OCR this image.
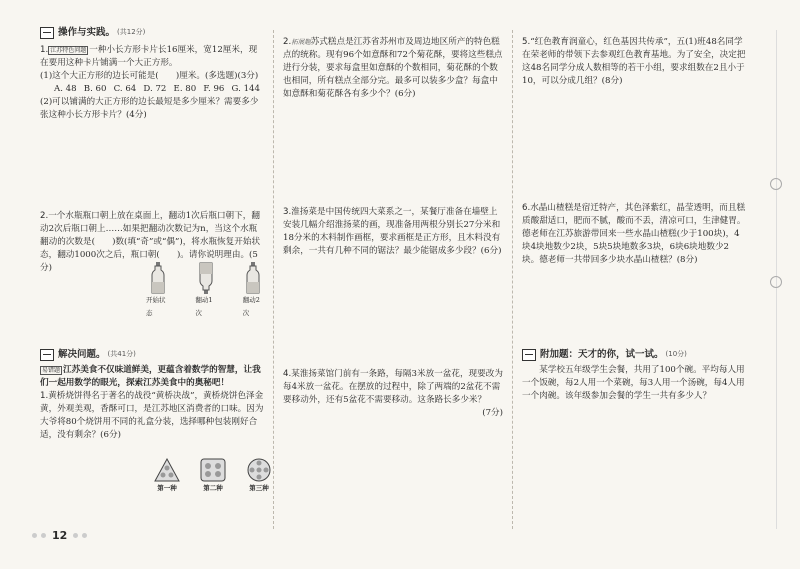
操作与实践。 (共12分)

1. 江苏特色问题 一种小长方形卡片长16厘米，宽12厘米，现在要用这种卡片铺满一个大正方形。

(1)这个大正方形的边长可能是(　　)厘米。(多选题)(3分)

A. 48 B. 60 C. 64 D. 72 E. 80 F. 96 G. 144

(2)可以铺满的大正方形的边长最短是多少厘米？需要多少张这种小长方形卡片？(4分)

2.一个水瓶瓶口朝上放在桌面上，翻动1次后瓶口朝下，翻动2次后瓶口朝上……如果把翻动次数记为n，当这个水瓶翻动的次数是(　　)数(填“奇”或“偶”)，将水瓶恢复开始状态，翻动1000次之后，瓶口朝(　　)。请你说明理由。(5分)

开始状态
翻动1次
翻动2次
解决问题。 (共41分)

易错题 江苏美食不仅味道鲜美，更蕴含着数学的智慧，让我们一起用数学的眼光，探索江苏美食中的奥秘吧！

1.黄桥烧饼得名于著名的战役“黄桥决战”，黄桥烧饼色泽金黄，外观美观，香酥可口，是江苏地区消费者的口味。因为大爷将80个烧饼用不同的礼盒分装，选择哪种包装刚好合适，没有剩余？(6分)

第一种	第二种	第三种

2.拓展题苏式糕点是江苏省苏州市及周边地区所产的特色糕点的统称。现有96个如意酥和72个菊花酥，要将这些糕点进行分装，要求每盒里如意酥的个数相同，菊花酥的个数也相同，所有糕点全部分完。最多可以装多少盒？每盒中如意酥和菊花酥各有多少个？(6分)

3.淮扬菜是中国传统四大菜系之一，某餐厅准备在墙壁上安装几幅介绍淮扬菜的画，现准备用两根分别长27分米和18分米的木料制作画框，要求画框是正方形，且木料没有剩余，一共有几种不同的锯法？最少能锯成多少段？(6分)

4.某淮扬菜馆门前有一条路，每隔3米放一盆花，现要改为每4米放一盆花。在摆放的过程中，除了两端的2盆花不需要移动外，还有5盆花不需要移动。这条路长多少米？

(7分)

5.“红色教育润童心，红色基因共传承”，五(1)班48名同学在荣老师的带领下去参观红色教育基地。为了安全，决定把这48名同学分成人数相等的若干小组，要求组数在2且小于10，可以分成几组？(8分)

6.水晶山楂糕是宿迁特产，其色泽紫红，晶莹透明，而且糕质酸甜适口，肥而不腻，酸而不丢，清凉可口，生津健胃。德老师在江苏旅游带回来一些水晶山楂糕(少于100块)，4块4块地数少2块，5块5块地数多3块，6块6块地数少2块。德老师一共带回多少块水晶山楂糕？(8分)

附加题：天才的你，试一试。 (10分)

某学校五年级学生会餐，共用了100个碗。平均每人用一个饭碗，每2人用一个菜碗，每3人用一个汤碗，每4人用一个肉碗。该年级参加会餐的学生一共有多少人？

12
